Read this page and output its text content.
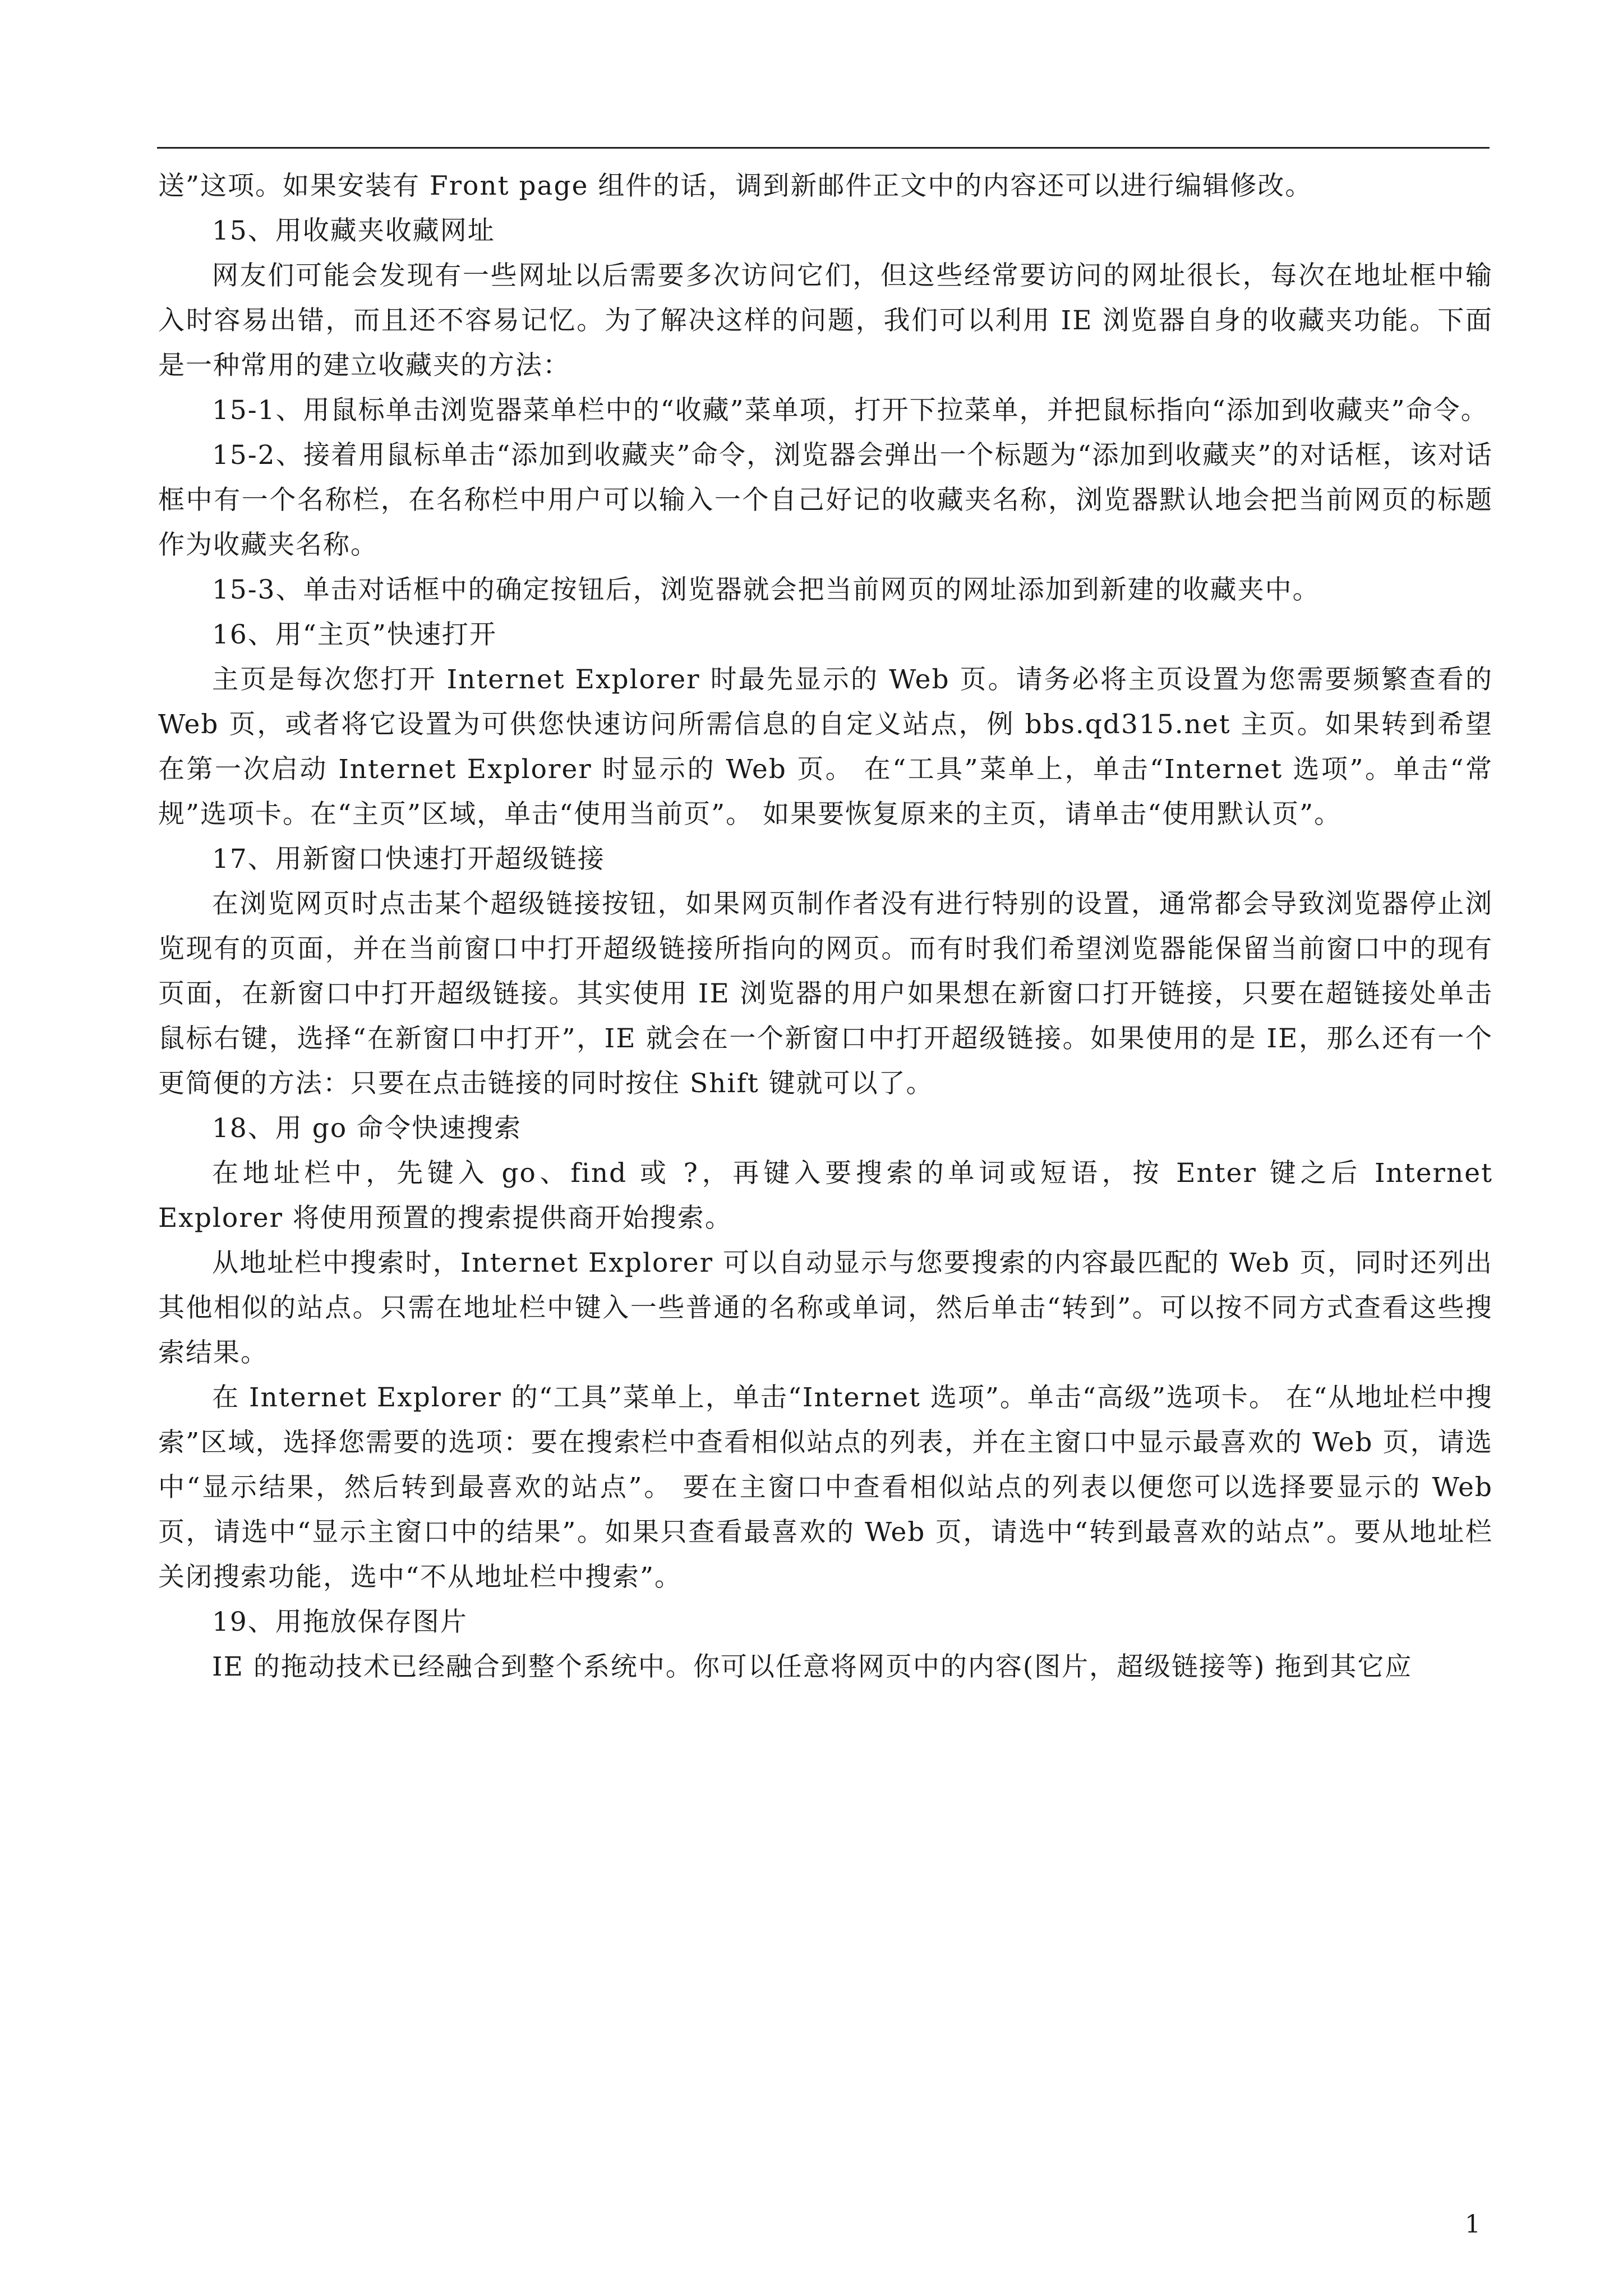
送”这项。如果安装有 Front page 组件的话，调到新邮件正文中的内容还可以进行编辑修改。

15、用收藏夹收藏网址

网友们可能会发现有一些网址以后需要多次访问它们，但这些经常要访问的网址很长，每次在地址框中输入时容易出错，而且还不容易记忆。为了解决这样的问题，我们可以利用 IE 浏览器自身的收藏夹功能。下面是一种常用的建立收藏夹的方法：

15-1、用鼠标单击浏览器菜单栏中的“收藏”菜单项，打开下拉菜单，并把鼠标指向“添加到收藏夹”命令。

15-2、接着用鼠标单击“添加到收藏夹”命令，浏览器会弹出一个标题为“添加到收藏夹”的对话框，该对话框中有一个名称栏，在名称栏中用户可以输入一个自己好记的收藏夹名称，浏览器默认地会把当前网页的标题作为收藏夹名称。

15-3、单击对话框中的确定按钮后，浏览器就会把当前网页的网址添加到新建的收藏夹中。

16、用“主页”快速打开

主页是每次您打开 Internet Explorer 时最先显示的 Web 页。请务必将主页设置为您需要频繁查看的 Web 页，或者将它设置为可供您快速访问所需信息的自定义站点，例 bbs.qd315.net 主页。如果转到希望在第一次启动 Internet Explorer 时显示的 Web 页。 在“工具”菜单上，单击“Internet 选项”。单击“常规”选项卡。在“主页”区域，单击“使用当前页”。 如果要恢复原来的主页，请单击“使用默认页”。

17、用新窗口快速打开超级链接

在浏览网页时点击某个超级链接按钮，如果网页制作者没有进行特别的设置，通常都会导致浏览器停止浏览现有的页面，并在当前窗口中打开超级链接所指向的网页。而有时我们希望浏览器能保留当前窗口中的现有页面，在新窗口中打开超级链接。其实使用 IE 浏览器的用户如果想在新窗口打开链接，只要在超链接处单击鼠标右键，选择“在新窗口中打开”，IE 就会在一个新窗口中打开超级链接。如果使用的是 IE，那么还有一个更简便的方法：只要在点击链接的同时按住 Shift 键就可以了。

18、用 go 命令快速搜索

在地址栏中，先键入 go、find 或 ?，再键入要搜索的单词或短语，按 Enter 键之后 Internet Explorer 将使用预置的搜索提供商开始搜索。

从地址栏中搜索时，Internet Explorer 可以自动显示与您要搜索的内容最匹配的 Web 页，同时还列出其他相似的站点。只需在地址栏中键入一些普通的名称或单词，然后单击“转到”。可以按不同方式查看这些搜索结果。

在 Internet Explorer 的“工具”菜单上，单击“Internet 选项”。单击“高级”选项卡。 在“从地址栏中搜索”区域，选择您需要的选项：要在搜索栏中查看相似站点的列表，并在主窗口中显示最喜欢的 Web 页，请选中“显示结果，然后转到最喜欢的站点”。 要在主窗口中查看相似站点的列表以便您可以选择要显示的 Web 页，请选中“显示主窗口中的结果”。如果只查看最喜欢的 Web 页，请选中“转到最喜欢的站点”。要从地址栏关闭搜索功能，选中“不从地址栏中搜索”。

19、用拖放保存图片

IE 的拖动技术已经融合到整个系统中。你可以任意将网页中的内容(图片，超级链接等) 拖到其它应

1
